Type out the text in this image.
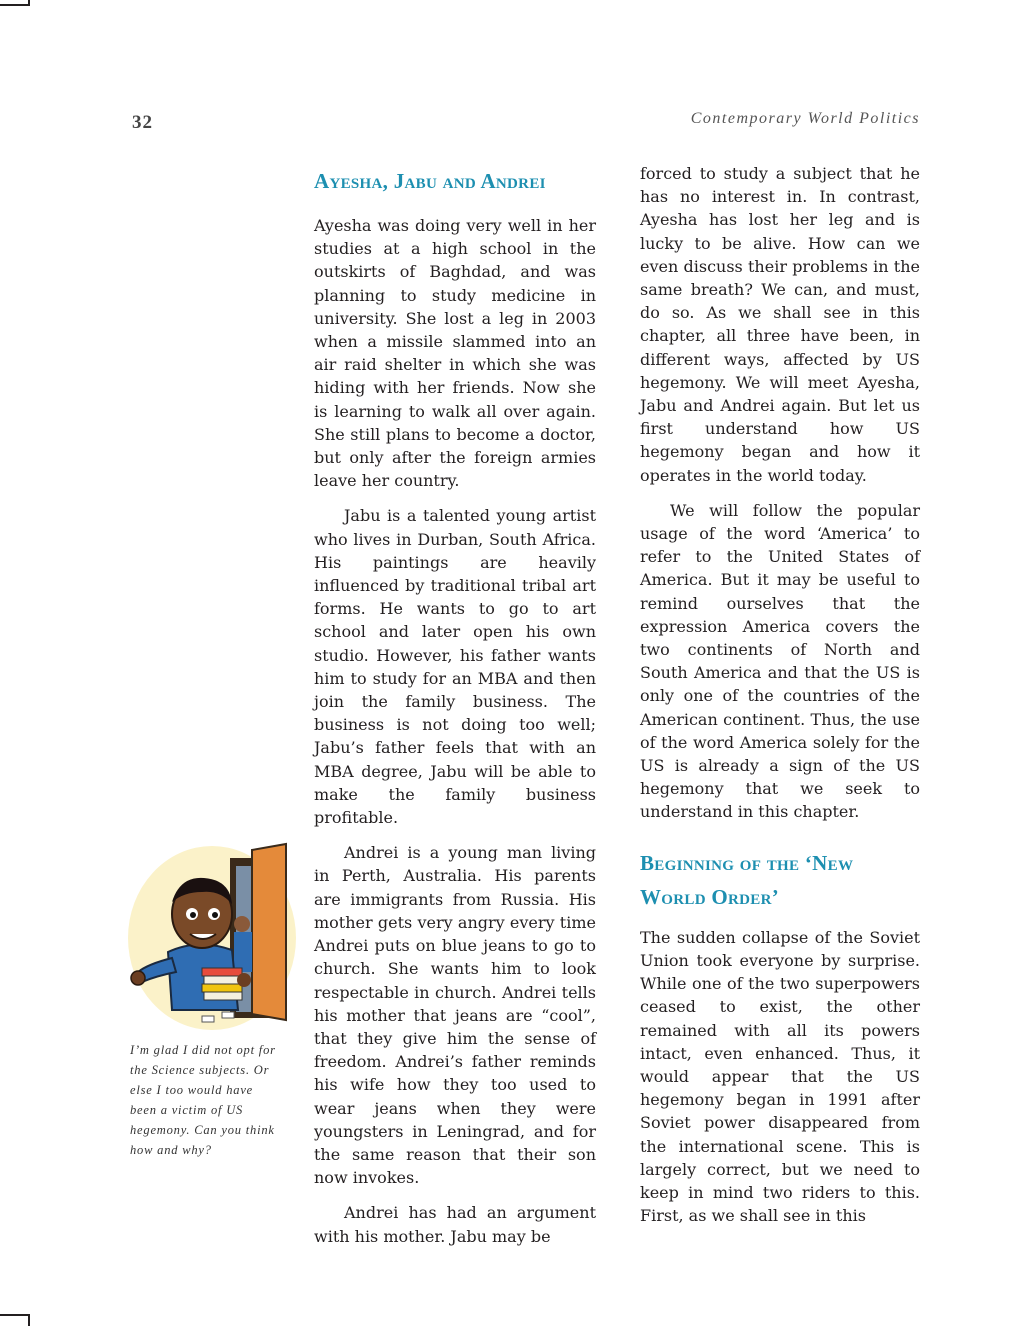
32	Contemporary World Politics
Ayesha, Jabu and Andrei

Ayesha was doing very well in her studies at a high school in the outskirts of Baghdad, and was planning to study medicine in university. She lost a leg in 2003 when a missile slammed into an air raid shelter in which she was hiding with her friends. Now she is learning to walk all over again. She still plans to become a doctor, but only after the foreign armies leave her country.

Jabu is a talented young artist who lives in Durban, South Africa. His paintings are heavily influenced by traditional tribal art forms. He wants to go to art school and later open his own studio. However, his father wants him to study for an MBA and then join the family business. The business is not doing too well; Jabu’s father feels that with an MBA degree, Jabu will be able to make the family business profitable.

Andrei is a young man living in Perth, Australia. His parents are immigrants from Russia. His mother gets very angry every time Andrei puts on blue jeans to go to church. She wants him to look respectable in church. Andrei tells his mother that jeans are “cool”, that they give him the sense of freedom. Andrei’s father reminds his wife how they too used to wear jeans when they were youngsters in Leningrad, and for the same reason that their son now invokes.

Andrei has had an argument with his mother. Jabu may be

forced to study a subject that he has no interest in. In contrast, Ayesha has lost her leg and is lucky to be alive. How can we even discuss their problems in the same breath? We can, and must, do so. As we shall see in this chapter, all three have been, in different ways, affected by US hegemony. We will meet Ayesha, Jabu and Andrei again. But let us first understand how US hegemony began and how it operates in the world today.

We will follow the popular usage of the word ‘America’ to refer to the United States of America. But it may be useful to remind ourselves that the expression America covers the two continents of North and South America and that the US is only one of the countries of the American continent. Thus, the use of the word America solely for the US is already a sign of the US hegemony that we seek to understand in this chapter.

Beginning of the ‘New World Order’

The sudden collapse of the Soviet Union took everyone by surprise. While one of the two superpowers ceased to exist, the other remained with all its powers intact, even enhanced. Thus, it would appear that the US hegemony began in 1991 after Soviet power disappeared from the international scene. This is largely correct, but we need to keep in mind two riders to this. First, as we shall see in this

I’m glad I did not opt for the Science subjects. Or else I too would have been a victim of US hegemony. Can you think how and why?
